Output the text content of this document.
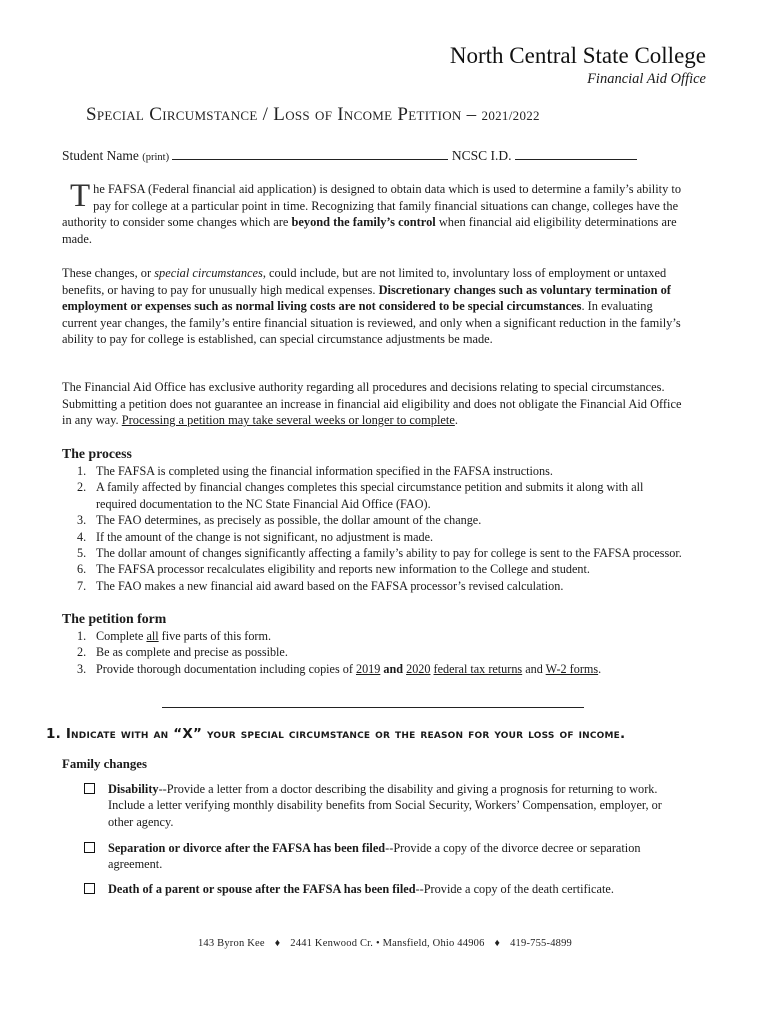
North Central State College
Financial Aid Office
Special Circumstance / Loss of Income Petition – 2021/2022
Student Name (print)	NCSC I.D.
The FAFSA (Federal financial aid application) is designed to obtain data which is used to determine a family’s ability to pay for college at a particular point in time. Recognizing that family financial situations can change, colleges have the authority to consider some changes which are beyond the family’s control when financial aid eligibility determinations are made.
These changes, or special circumstances, could include, but are not limited to, involuntary loss of employment or untaxed benefits, or having to pay for unusually high medical expenses. Discretionary changes such as voluntary termination of employment or expenses such as normal living costs are not considered to be special circumstances. In evaluating current year changes, the family’s entire financial situation is reviewed, and only when a significant reduction in the family’s ability to pay for college is established, can special circumstance adjustments be made.
The Financial Aid Office has exclusive authority regarding all procedures and decisions relating to special circumstances. Submitting a petition does not guarantee an increase in financial aid eligibility and does not obligate the Financial Aid Office in any way. Processing a petition may take several weeks or longer to complete.
The process
1. The FAFSA is completed using the financial information specified in the FAFSA instructions.
2. A family affected by financial changes completes this special circumstance petition and submits it along with all required documentation to the NC State Financial Aid Office (FAO).
3. The FAO determines, as precisely as possible, the dollar amount of the change.
4. If the amount of the change is not significant, no adjustment is made.
5. The dollar amount of changes significantly affecting a family’s ability to pay for college is sent to the FAFSA processor.
6. The FAFSA processor recalculates eligibility and reports new information to the College and student.
7. The FAO makes a new financial aid award based on the FAFSA processor’s revised calculation.
The petition form
1. Complete all five parts of this form.
2. Be as complete and precise as possible.
3. Provide thorough documentation including copies of 2019 and 2020 federal tax returns and W-2 forms.
1. Indicate with an “X” your special circumstance or the reason for your loss of income.
Family changes
Disability--Provide a letter from a doctor describing the disability and giving a prognosis for returning to work. Include a letter verifying monthly disability benefits from Social Security, Workers’ Compensation, employer, or other agency.
Separation or divorce after the FAFSA has been filed--Provide a copy of the divorce decree or separation agreement.
Death of a parent or spouse after the FAFSA has been filed--Provide a copy of the death certificate.
143 Byron Kee ♦ 2441 Kenwood Cr. • Mansfield, Ohio 44906 ♦ 419-755-4899
